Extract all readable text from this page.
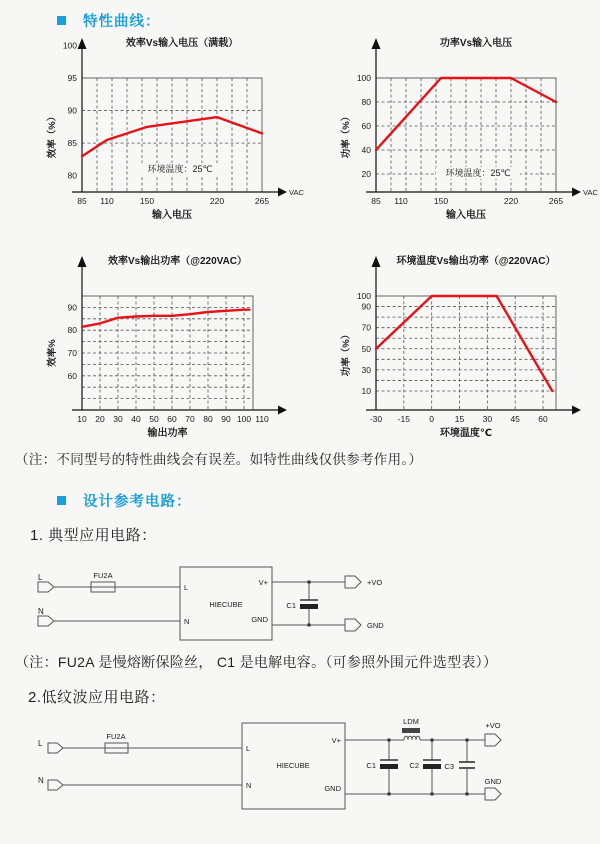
特性曲线：
VAC
80
85
90
95
100
85 110	150	220	265
效率Vs输入电压（满载）
输入电压
效率（%）
环境温度：25℃
VAC
20
40
60
80
100
85 110	150	220	265
功率Vs输入电压
输入电压
功率（%）
环境温度：25℃
60
70
80
90
10 20 30 40 50 60 70 80 90 100 110
效率Vs输出功率（@220VAC）
输出功率
效率%
10
30
50
70
90
100
-30 -15 0 15 30 45 60
环境温度Vs输出功率（@220VAC）
环境温度℃
功率（%）
（注：不同型号的特性曲线会有误差。如特性曲线仅供参考作用。）
设计参考电路：
1. 典型应用电路：
L	FU2A
N
L
N
HIECUBE
V+
GND
C1
+VO
GND
（注：FU2A 是慢熔断保险丝， C1 是电解电容。（可参照外围元件选型表））
2.低纹波应用电路：
L
FU2A
N
L
N
HIECUBE
V+
GND
C1
LDM
C2	C3
+VO
GND
